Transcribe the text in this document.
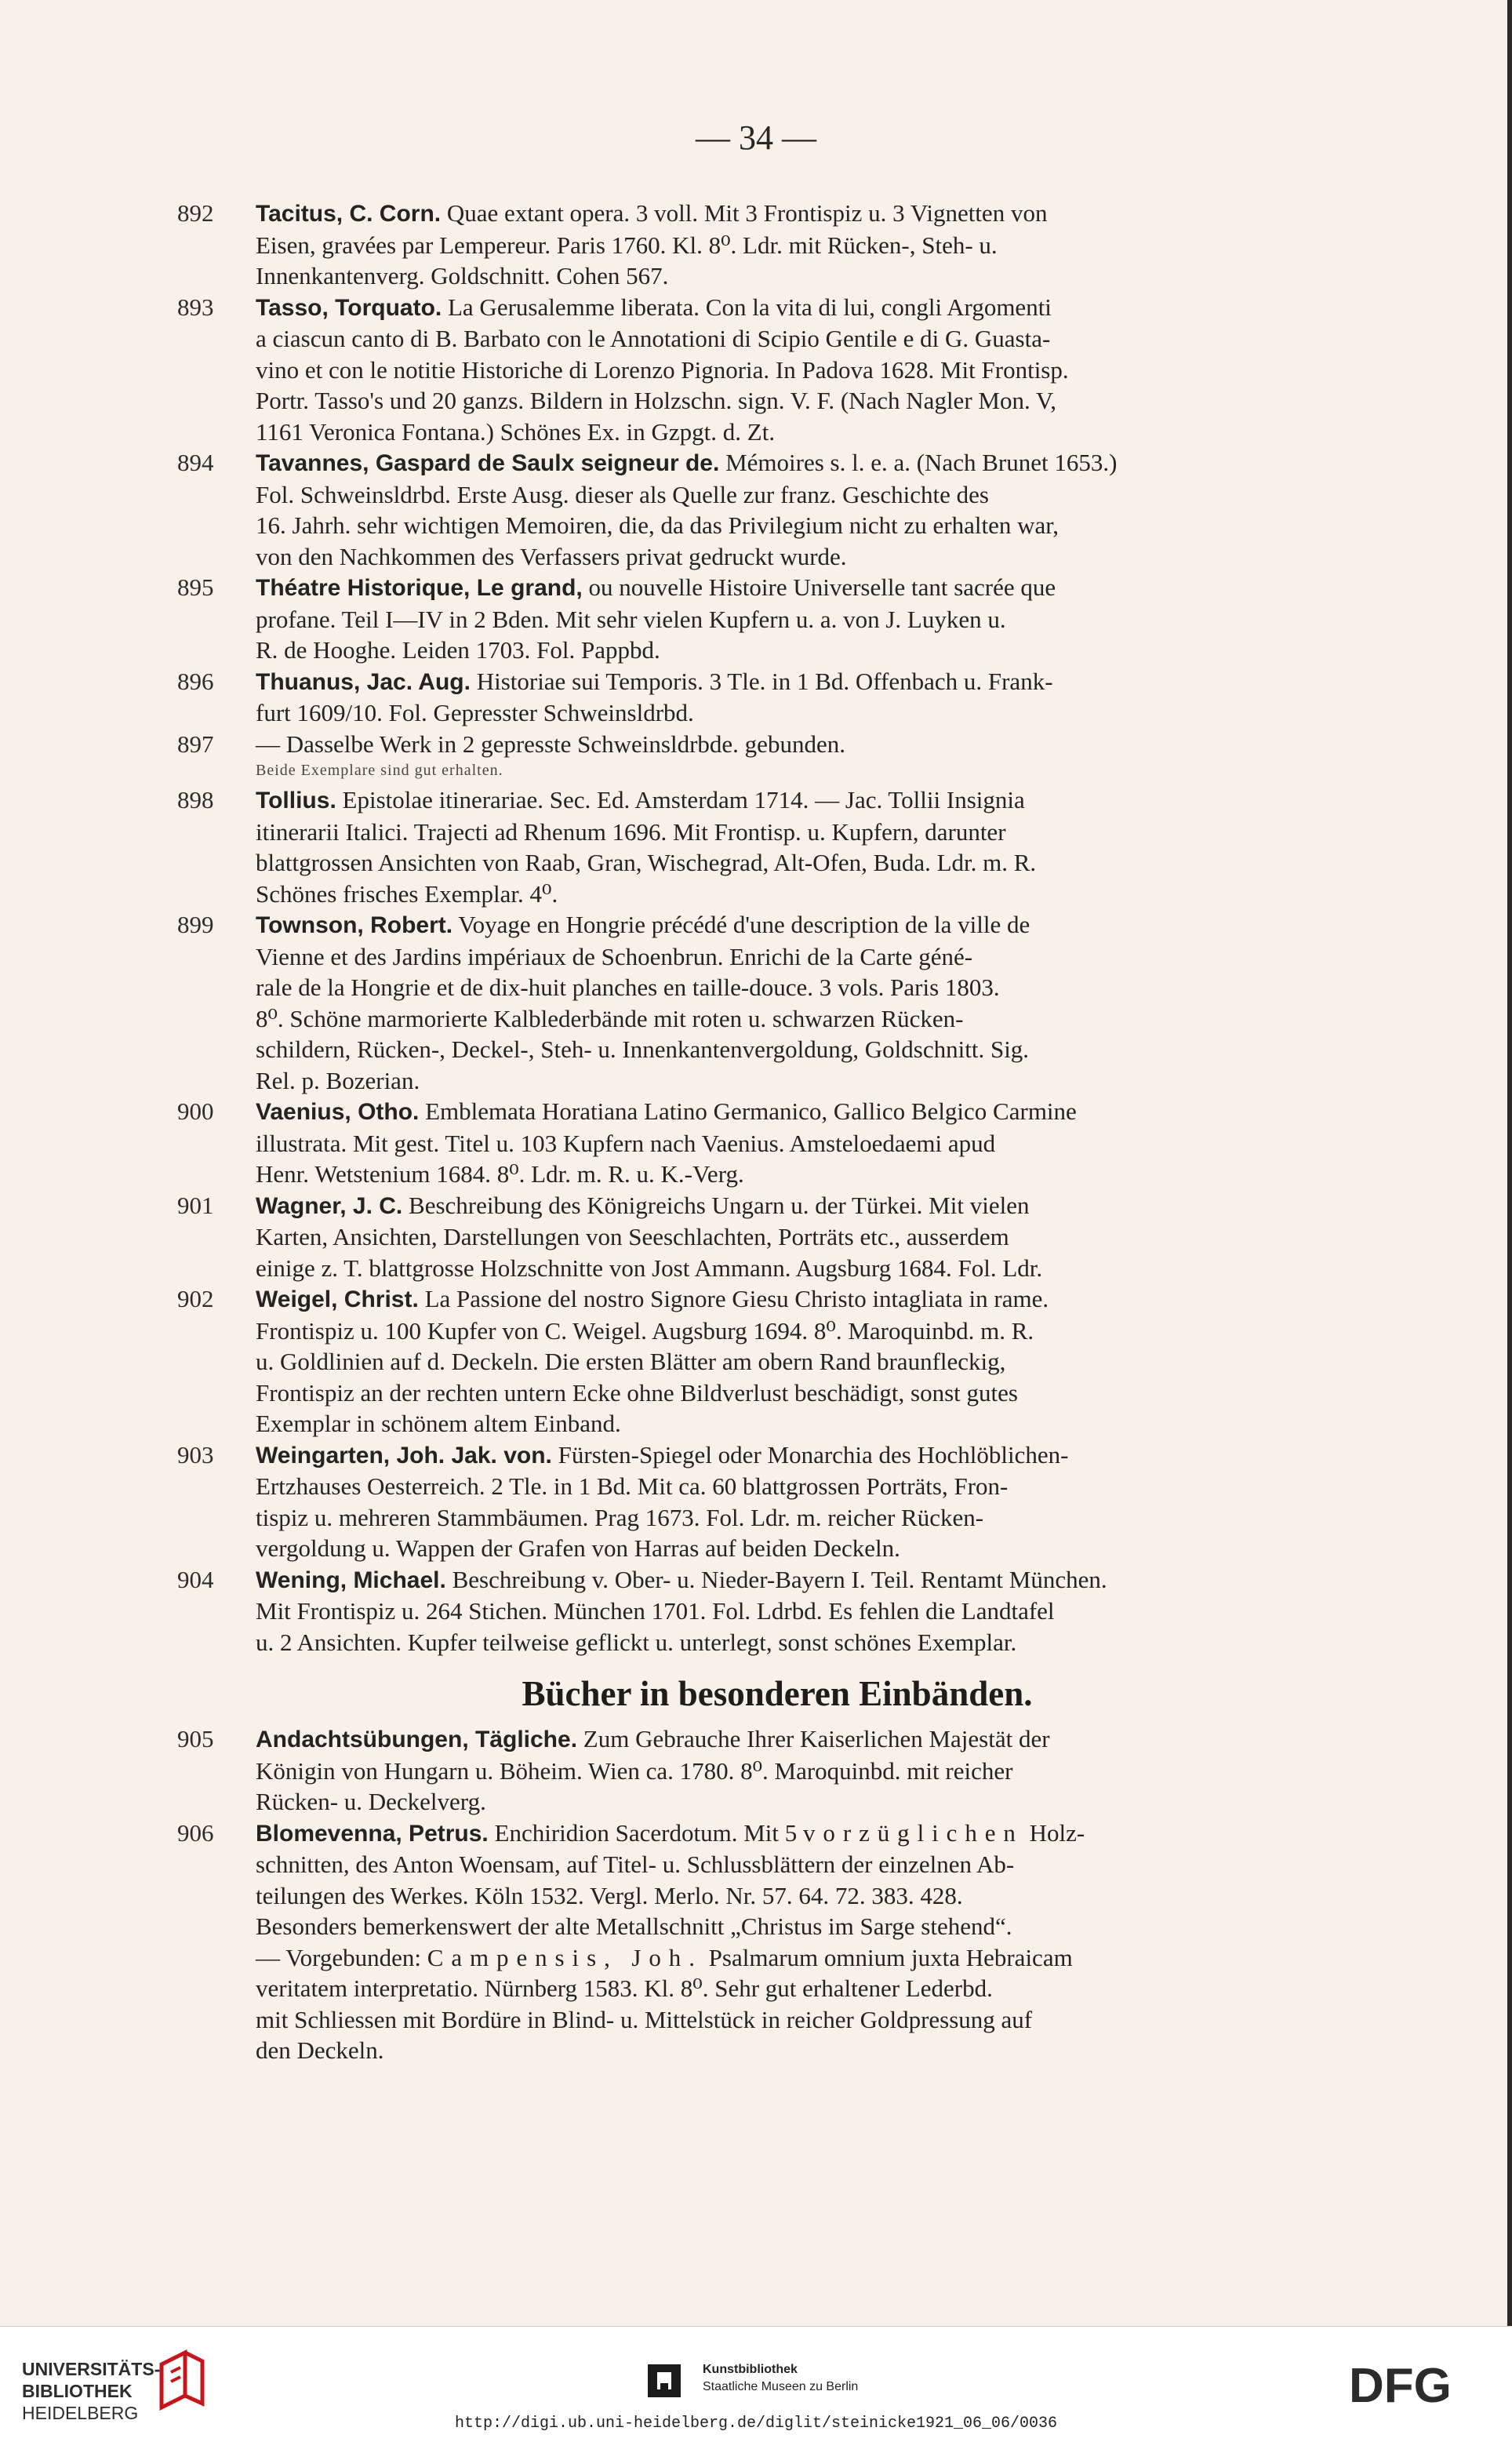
— 34 —
892	Tacitus, C. Corn. Quae extant opera. 3 voll. Mit 3 Frontispiz u. 3 Vignetten von
Eisen, gravées par Lempereur. Paris 1760. Kl. 8⁰. Ldr. mit Rücken-, Steh- u.
Innenkantenverg. Goldschnitt. Cohen 567.
893	Tasso, Torquato. La Gerusalemme liberata. Con la vita di lui, congli Argomenti
a ciascun canto di B. Barbato con le Annotationi di Scipio Gentile e di G. Guasta-
vino et con le notitie Historiche di Lorenzo Pignoria. In Padova 1628. Mit Frontisp.
Portr. Tasso's und 20 ganzs. Bildern in Holzschn. sign. V. F. (Nach Nagler Mon. V,
1161 Veronica Fontana.) Schönes Ex. in Gzpgt. d. Zt.
894	Tavannes, Gaspard de Saulx seigneur de. Mémoires s. l. e. a. (Nach Brunet 1653.)
Fol. Schweinsldrbd. Erste Ausg. dieser als Quelle zur franz. Geschichte des
16. Jahrh. sehr wichtigen Memoiren, die, da das Privilegium nicht zu erhalten war,
von den Nachkommen des Verfassers privat gedruckt wurde.
895	Théatre Historique, Le grand, ou nouvelle Histoire Universelle tant sacrée que
profane. Teil I—IV in 2 Bden. Mit sehr vielen Kupfern u. a. von J. Luyken u.
R. de Hooghe. Leiden 1703. Fol. Pappbd.
896	Thuanus, Jac. Aug. Historiae sui Temporis. 3 Tle. in 1 Bd. Offenbach u. Frank-
furt 1609/10. Fol. Gepresster Schweinsldrbd.
897	— Dasselbe Werk in 2 gepresste Schweinsldrbde. gebunden.
Beide Exemplare sind gut erhalten.
898	Tollius. Epistolae itinerariae. Sec. Ed. Amsterdam 1714. — Jac. Tollii Insignia
itinerarii Italici. Trajecti ad Rhenum 1696. Mit Frontisp. u. Kupfern, darunter
blattgrossen Ansichten von Raab, Gran, Wischegrad, Alt-Ofen, Buda. Ldr. m. R.
Schönes frisches Exemplar. 4⁰.
899	Townson, Robert. Voyage en Hongrie précédé d'une description de la ville de
Vienne et des Jardins impériaux de Schoenbrun. Enrichi de la Carte géné-
rale de la Hongrie et de dix-huit planches en taille-douce. 3 vols. Paris 1803.
8⁰. Schöne marmorierte Kalblederbände mit roten u. schwarzen Rücken-
schildern, Rücken-, Deckel-, Steh- u. Innenkantenvergoldung, Goldschnitt. Sig.
Rel. p. Bozerian.
900	Vaenius, Otho. Emblemata Horatiana Latino Germanico, Gallico Belgico Carmine
illustrata. Mit gest. Titel u. 103 Kupfern nach Vaenius. Amsteloedaemi apud
Henr. Wetstenium 1684. 8⁰. Ldr. m. R. u. K.-Verg.
901	Wagner, J. C. Beschreibung des Königreichs Ungarn u. der Türkei. Mit vielen
Karten, Ansichten, Darstellungen von Seeschlachten, Porträts etc., ausserdem
einige z. T. blattgrosse Holzschnitte von Jost Ammann. Augsburg 1684. Fol. Ldr.
902	Weigel, Christ. La Passione del nostro Signore Giesu Christo intagliata in rame.
Frontispiz u. 100 Kupfer von C. Weigel. Augsburg 1694. 8⁰. Maroquinbd. m. R.
u. Goldlinien auf d. Deckeln. Die ersten Blätter am obern Rand braunfleckig,
Frontispiz an der rechten untern Ecke ohne Bildverlust beschädigt, sonst gutes
Exemplar in schönem altem Einband.
903	Weingarten, Joh. Jak. von. Fürsten-Spiegel oder Monarchia des Hochlöblichen-
Ertzhauses Oesterreich. 2 Tle. in 1 Bd. Mit ca. 60 blattgrossen Porträts, Fron-
tispiz u. mehreren Stammbäumen. Prag 1673. Fol. Ldr. m. reicher Rücken-
vergoldung u. Wappen der Grafen von Harras auf beiden Deckeln.
904	Wening, Michael. Beschreibung v. Ober- u. Nieder-Bayern I. Teil. Rentamt München.
Mit Frontispiz u. 264 Stichen. München 1701. Fol. Ldrbd. Es fehlen die Landtafel
u. 2 Ansichten. Kupfer teilweise geflickt u. unterlegt, sonst schönes Exemplar.
Bücher in besonderen Einbänden.
905	Andachtsübungen, Tägliche. Zum Gebrauche Ihrer Kaiserlichen Majestät der
Königin von Hungarn u. Böheim. Wien ca. 1780. 8⁰. Maroquinbd. mit reicher
Rücken- u. Deckelverg.
906	Blomevenna, Petrus. Enchiridion Sacerdotum. Mit 5 vorzüglichen Holz-
schnitten, des Anton Woensam, auf Titel- u. Schlussblättern der einzelnen Ab-
teilungen des Werkes. Köln 1532. Vergl. Merlo. Nr. 57. 64. 72. 383. 428.
Besonders bemerkenswert der alte Metallschnitt „Christus im Sarge stehend“.
— Vorgebunden: Campensis, Joh. Psalmarum omnium juxta Hebraicam
veritatem interpretatio. Nürnberg 1583. Kl. 8⁰. Sehr gut erhaltener Lederbd.
mit Schliessen mit Bordüre in Blind- u. Mittelstück in reicher Goldpressung auf
den Deckeln.
UNIVERSITÄTS-
BIBLIOTHEK
HEIDELBERG
Kunstbibliothek
Staatliche Museen zu Berlin	DFG
http://digi.ub.uni-heidelberg.de/diglit/steinicke1921_06_06/0036
